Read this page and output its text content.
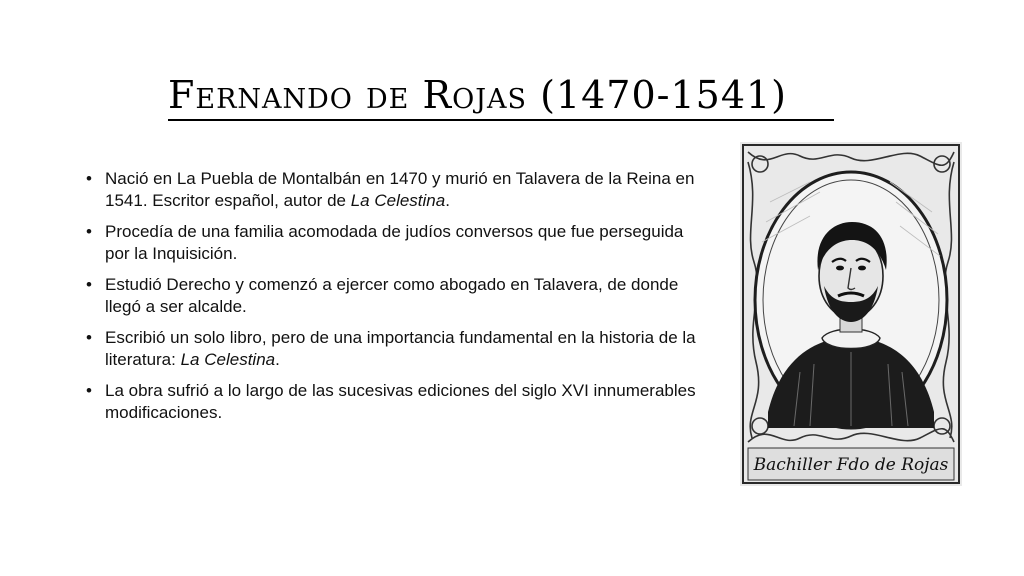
Fernando de Rojas (1470-1541)
• Nació en La Puebla de Montalbán en 1470 y murió en Talavera de la Reina en 1541. Escritor español, autor de La Celestina.
• Procedía de una familia acomodada de judíos conversos que fue perseguida por la Inquisición.
• Estudió Derecho y comenzó a ejercer como abogado en Talavera, de donde llegó a ser alcalde.
• Escribió un solo libro, pero de una importancia fundamental en la historia de la literatura: La Celestina.
• La obra sufrió a lo largo de las sucesivas ediciones del siglo XVI innumerables modificaciones.
Bachiller Fdo de Rojas
